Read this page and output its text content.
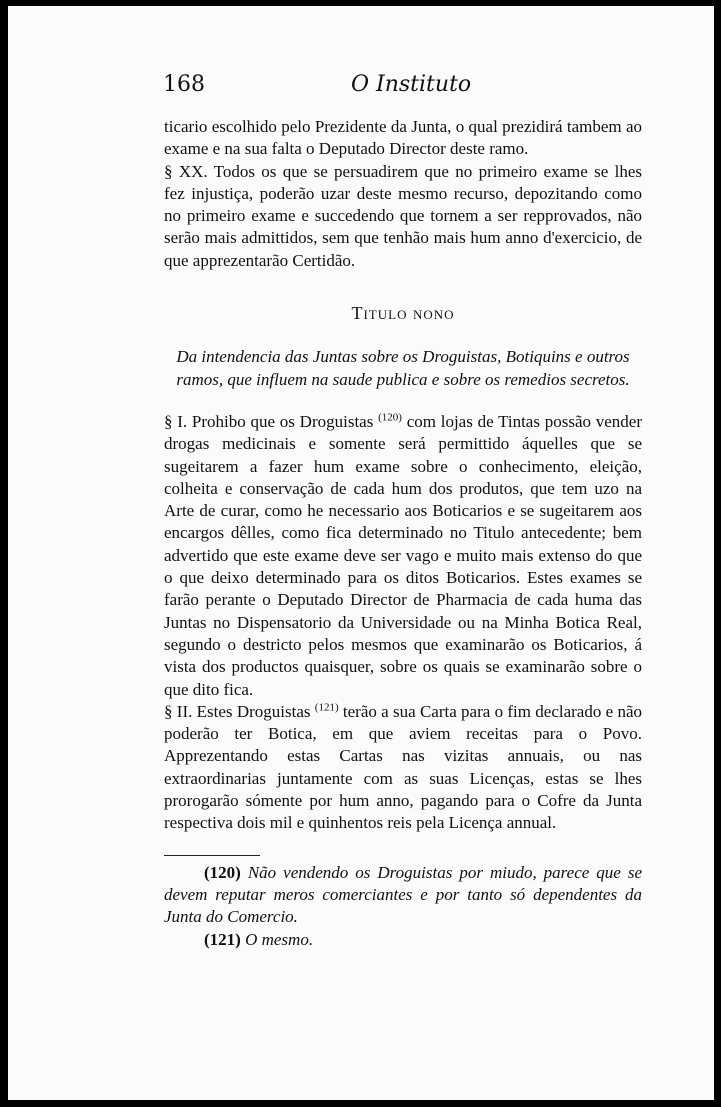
168	O Instituto

ticario escolhido pelo Prezidente da Junta, o qual prezidirá tambem ao exame e na sua falta o Deputado Director deste ramo.

§ XX. Todos os que se persuadirem que no primeiro exame se lhes fez injustiça, poderão uzar deste mesmo recurso, depozitando como no primeiro exame e succedendo que tornem a ser repprovados, não serão mais admittidos, sem que tenhão mais hum anno d'exercicio, de que apprezentarão Certidão.

Titulo nono
Da intendencia das Juntas sobre os Droguistas, Botiquins e outros ramos, que influem na saude publica e sobre os remedios secretos.

§ I. Prohibo que os Droguistas $^{(120)}$ com lojas de Tintas possão vender drogas medicinais e somente será permittido áquelles que se sugeitarem a fazer hum exame sobre o conhecimento, eleição, colheita e conservação de cada hum dos produtos, que tem uzo na Arte de curar, como he necessario aos Boticarios e se sugeitarem aos encargos dêlles, como fica determinado no Titulo antecedente; bem advertido que este exame deve ser vago e muito mais extenso do que o que deixo determinado para os ditos Boticarios. Estes exames se farão perante o Deputado Director de Pharmacia de cada huma das Juntas no Dispensatorio da Universidade ou na Minha Botica Real, segundo o destricto pelos mesmos que examinarão os Boticarios, á vista dos productos quaisquer, sobre os quais se examinarão sobre o que dito fica.

§ II. Estes Droguistas $^{(121)}$ terão a sua Carta para o fim declarado e não poderão ter Botica, em que aviem receitas para o Povo. Apprezentando estas Cartas nas vizitas annuais, ou nas extraordinarias juntamente com as suas Licenças, estas se lhes prorogarão sómente por hum anno, pagando para o Cofre da Junta respectiva dois mil e quinhentos reis pela Licença annual.

(120) Não vendendo os Droguistas por miudo, parece que se devem reputar meros comerciantes e por tanto só dependentes da Junta do Comercio.

(121) O mesmo.
